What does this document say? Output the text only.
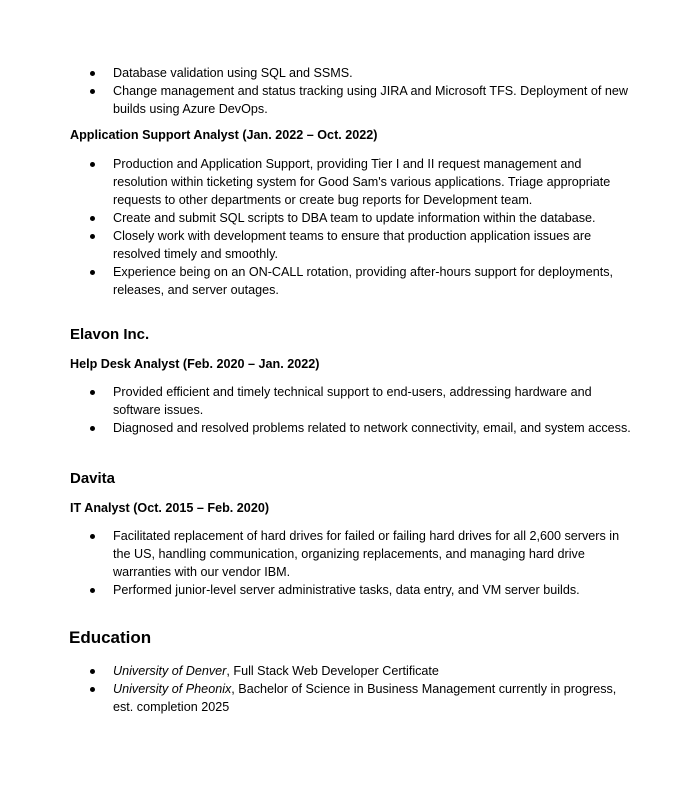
Database validation using SQL and SSMS.
Change management and status tracking using JIRA and Microsoft TFS. Deployment of new builds using Azure DevOps.
Application Support Analyst (Jan. 2022 – Oct. 2022)
Production and Application Support, providing Tier I and II request management and resolution within ticketing system for Good Sam's various applications. Triage appropriate requests to other departments or create bug reports for Development team.
Create and submit SQL scripts to DBA team to update information within the database.
Closely work with development teams to ensure that production application issues are resolved timely and smoothly.
Experience being on an ON-CALL rotation, providing after-hours support for deployments, releases, and server outages.
Elavon Inc.
Help Desk Analyst (Feb. 2020 – Jan. 2022)
Provided efficient and timely technical support to end-users, addressing hardware and software issues.
Diagnosed and resolved problems related to network connectivity, email, and system access.
Davita
IT Analyst (Oct. 2015 – Feb. 2020)
Facilitated replacement of hard drives for failed or failing hard drives for all 2,600 servers in the US, handling communication, organizing replacements, and managing hard drive warranties with our vendor IBM.
Performed junior-level server administrative tasks, data entry, and VM server builds.
Education
University of Denver, Full Stack Web Developer Certificate
University of Pheonix, Bachelor of Science in Business Management currently in progress, est. completion 2025
